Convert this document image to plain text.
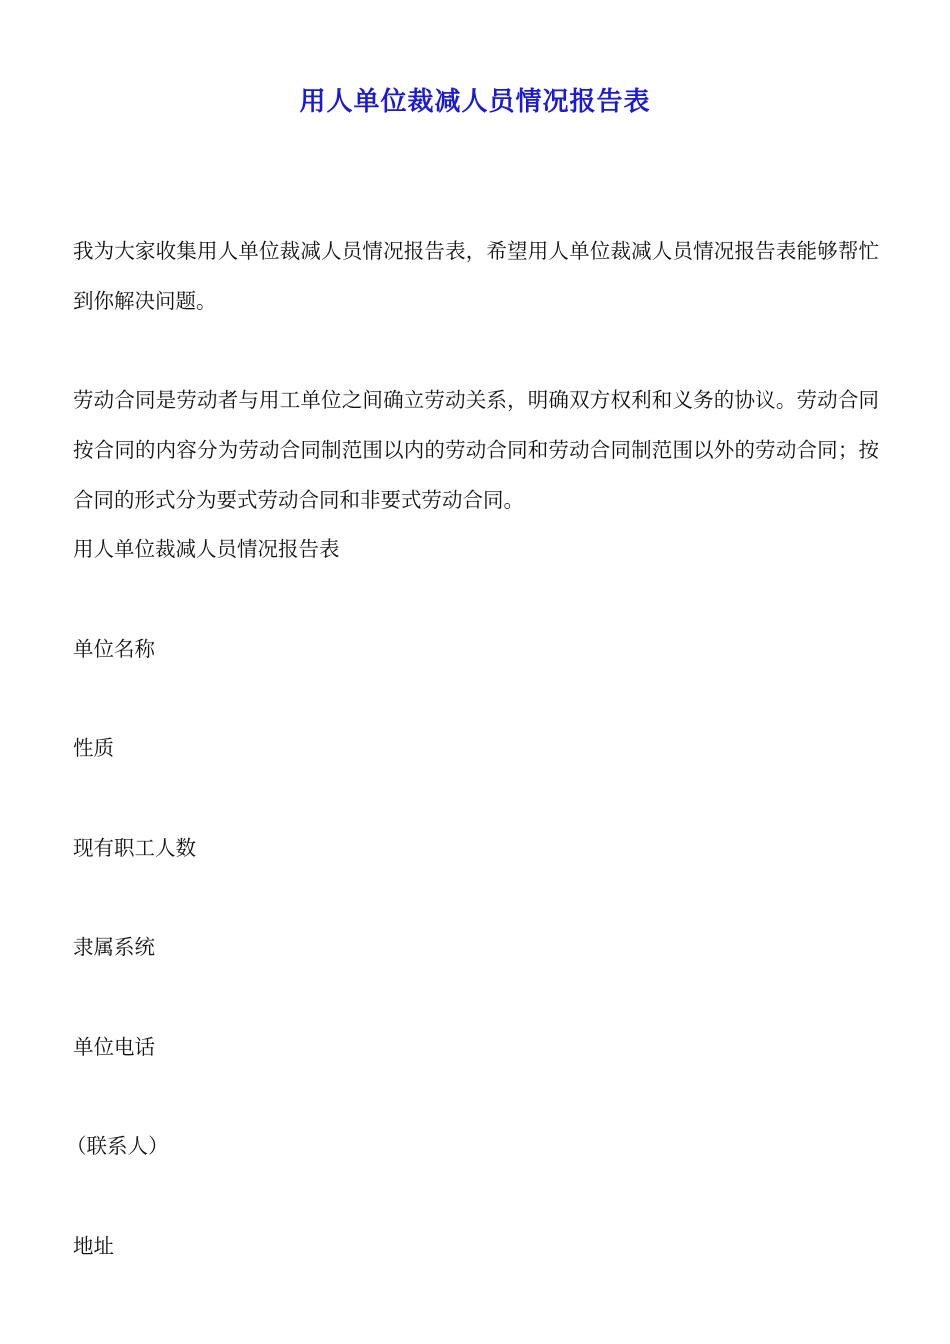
用人单位裁减人员情况报告表

我为大家收集用人单位裁减人员情况报告表，希望用人单位裁减人员情况报告表能够帮忙到你解决问题。

劳动合同是劳动者与用工单位之间确立劳动关系，明确双方权利和义务的协议。劳动合同按合同的内容分为劳动合同制范围以内的劳动合同和劳动合同制范围以外的劳动合同；按合同的形式分为要式劳动合同和非要式劳动合同。

用人单位裁减人员情况报告表
单位名称
性质
现有职工人数
隶属系统
单位电话
（联系人）
地址
